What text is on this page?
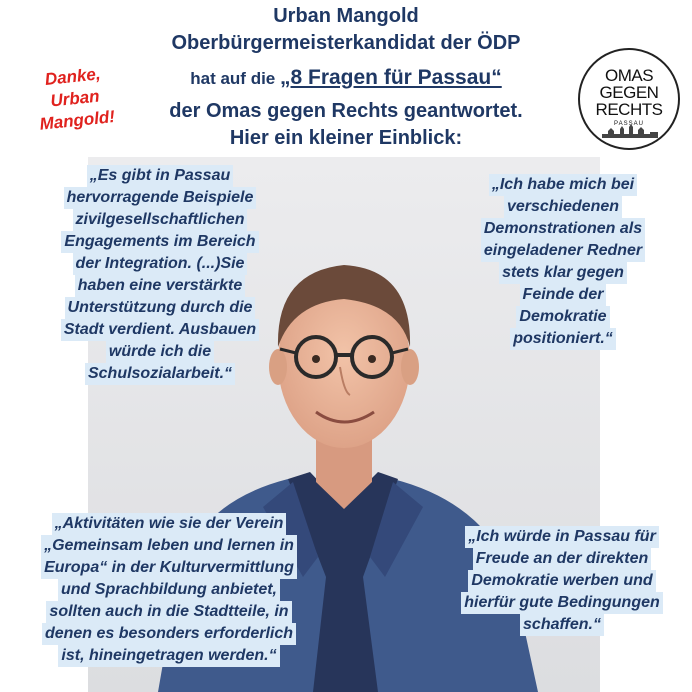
Urban Mangold
Oberbürgermeisterkandidat der ÖDP
hat auf die „8 Fragen für Passau“
der Omas gegen Rechts geantwortet.
Hier ein kleiner Einblick:
Danke,
Urban
Mangold!
OMAS
GEGEN
RECHTS
PASSAU
„Es gibt in Passau
hervorragende Beispiele
zivilgesellschaftlichen
Engagements im Bereich
der Integration. (...)Sie
haben eine verstärkte
Unterstützung durch die
Stadt verdient. Ausbauen
würde ich die
Schulsozialarbeit.“
„Ich habe mich bei
verschiedenen
Demonstrationen als
eingeladener Redner
stets klar gegen
Feinde der
Demokratie
positioniert.“
„Aktivitäten wie sie der Verein
„Gemeinsam leben und lernen in
Europa“ in der Kulturvermittlung
und Sprachbildung anbietet,
sollten auch in die Stadtteile, in
denen es besonders erforderlich
ist, hineingetragen werden.“
„Ich würde in Passau für
Freude an der direkten
Demokratie werben und
hierfür gute Bedingungen
schaffen.“
